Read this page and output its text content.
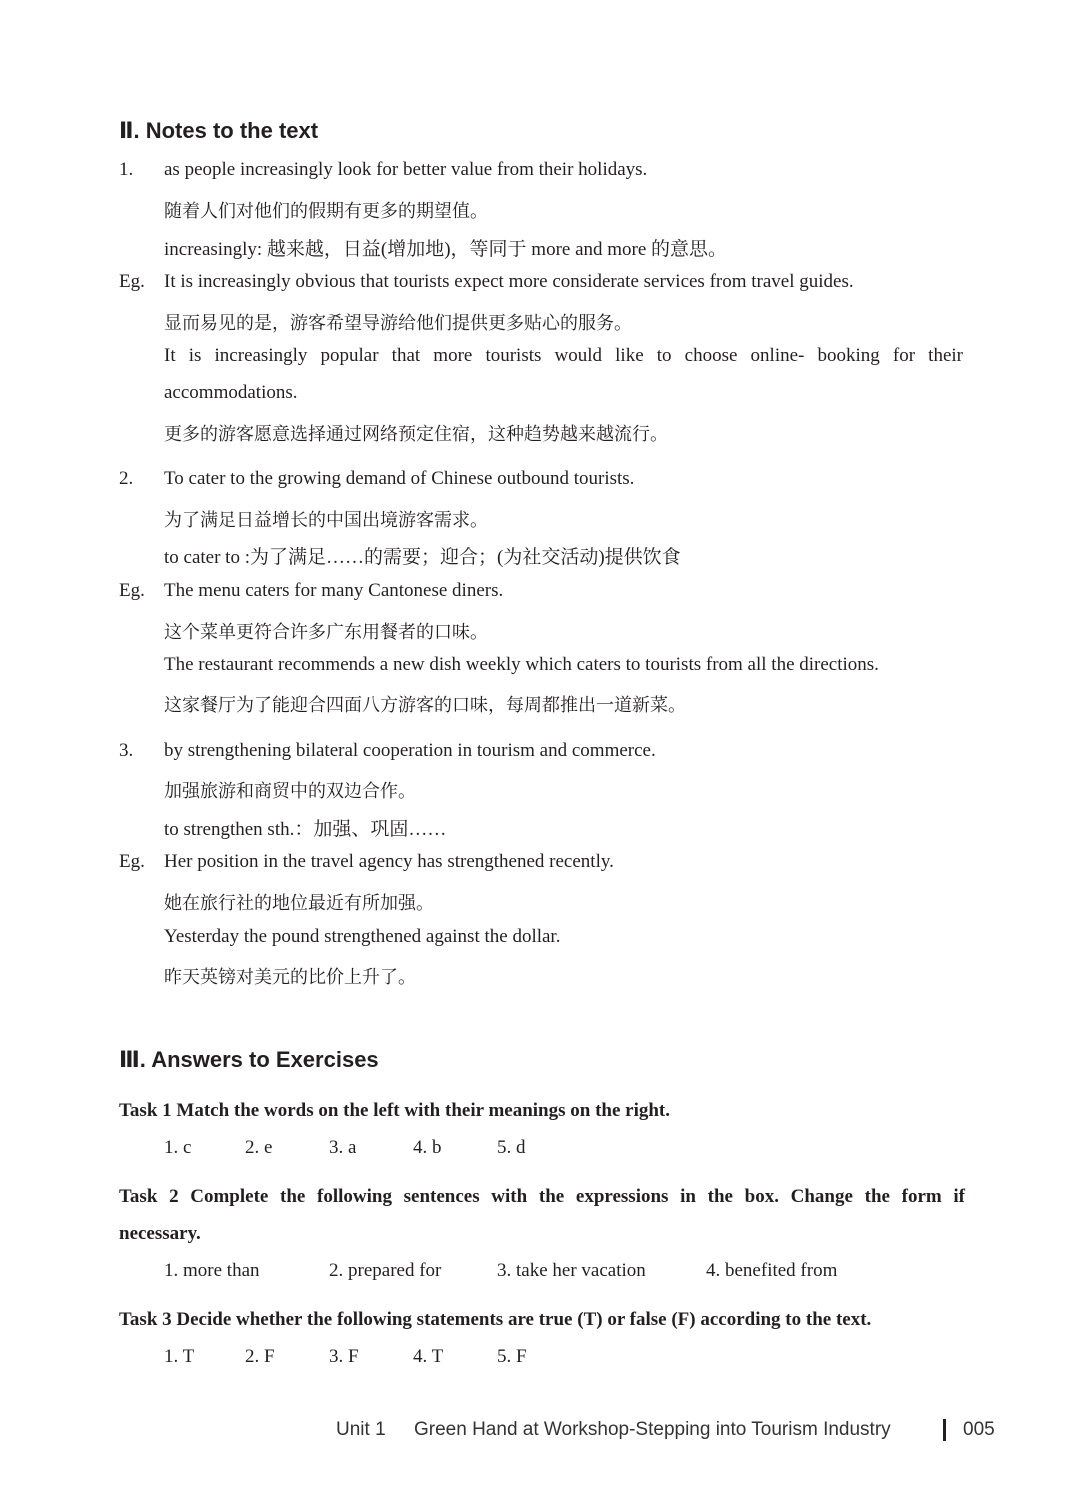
Ⅱ. Notes to the text
1. as people increasingly look for better value from their holidays.
随着人们对他们的假期有更多的期望值。
increasingly: 越来越，日益(增加地)，等同于 more and more 的意思。
Eg. It is increasingly obvious that tourists expect more considerate services from travel guides.
显而易见的是，游客希望导游给他们提供更多贴心的服务。
It is increasingly popular that more tourists would like to choose online- booking for their
accommodations.
更多的游客愿意选择通过网络预定住宿，这种趋势越来越流行。
2. To cater to the growing demand of Chinese outbound tourists.
为了满足日益增长的中国出境游客需求。
to cater to :为了满足……的需要；迎合；(为社交活动)提供饮食
Eg. The menu caters for many Cantonese diners.
这个菜单更符合许多广东用餐者的口味。
The restaurant recommends a new dish weekly which caters to tourists from all the directions.
这家餐厅为了能迎合四面八方游客的口味，每周都推出一道新菜。
3. by strengthening bilateral cooperation in tourism and commerce.
加强旅游和商贸中的双边合作。
to strengthen sth.：加强、巩固……
Eg. Her position in the travel agency has strengthened recently.
她在旅行社的地位最近有所加强。
Yesterday the pound strengthened against the dollar.
昨天英镑对美元的比价上升了。
Ⅲ. Answers to Exercises
Task 1 Match the words on the left with their meanings on the right.
1. c	2. e	3. a	4. b	5. d
Task 2 Complete the following sentences with the expressions in the box. Change the form if
necessary.
1. more than	2. prepared for	3. take her vacation	4. benefited from
Task 3 Decide whether the following statements are true (T) or false (F) according to the text.
1. T	2. F	3. F	4. T	5. F
Unit 1 Green Hand at Workshop-Stepping into Tourism Industry	005
